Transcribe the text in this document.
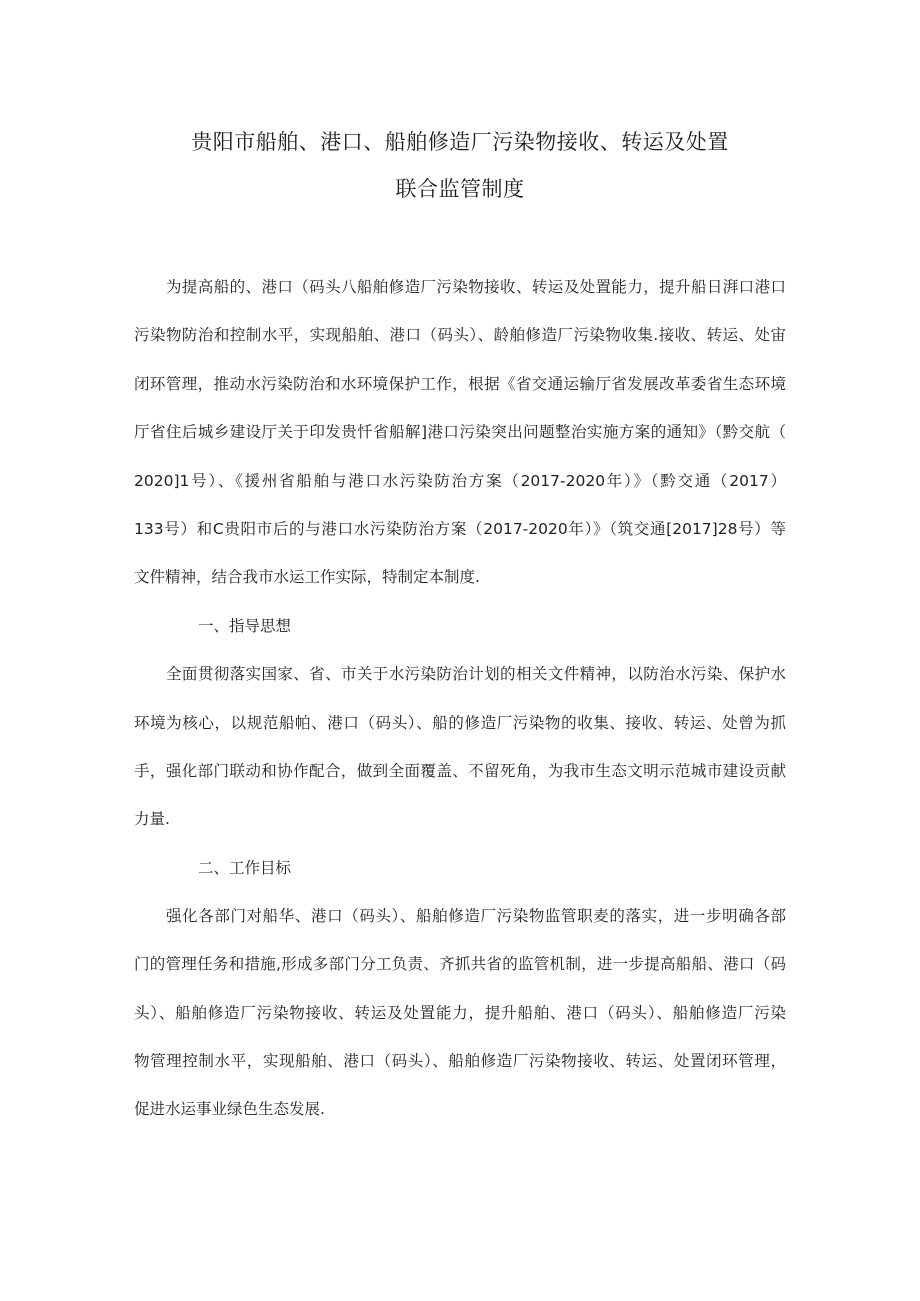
贵阳市船舶、港口、船舶修造厂污染物接收、转运及处置
联合监管制度
为提高船的、港口（码头八船舶修造厂污染物接收、转运及处置能力，提升船日湃口港口
污染物防治和控制水平，实现船舶、港口（码头）、龄舶修造厂污染物收集.接收、转运、处宙
闭环管理，推动水污染防治和水环境保护工作，根据《省交通运输厅省发展改革委省生态环境
厅省住后城乡建设厅关于印发贵忏省船解]港口污染突出问题整治实施方案的通知》（黔交航（
2020]1号）、《援州省船舶与港口水污染防治方案（2017-2020年）》（黔交通（2017）
133号）和C贵阳市后的与港口水污染防治方案（2017-2020年）》（筑交通[2017]28号）等
文件精神，结合我市水运工作实际，特制定本制度.
一、指导思想
全面贯彻落实国家、省、市关于水污染防治计划的相关文件精神，以防治水污染、保护水
环境为核心，以规范船帕、港口（码头）、船的修造厂污染物的收集、接收、转运、处曾为抓
手，强化部门联动和协作配合，做到全面覆盖、不留死角，为我市生态文明示范城市建设贡献
力量.
二、工作目标
强化各部门对船华、港口（码头）、船舶修造厂污染物监管职麦的落实，进一步明确各部
门的管理任务和措施,形成多部门分工负责、齐抓共省的监管机制，进一步提高船船、港口（码
头）、船舶修造厂污染物接收、转运及处置能力，提升船舶、港口（码头）、船舶修造厂污染
物管理控制水平，实现船舶、港口（码头）、船舶修造厂污染物接收、转运、处置闭环管理，
促进水运事业绿色生态发展.
